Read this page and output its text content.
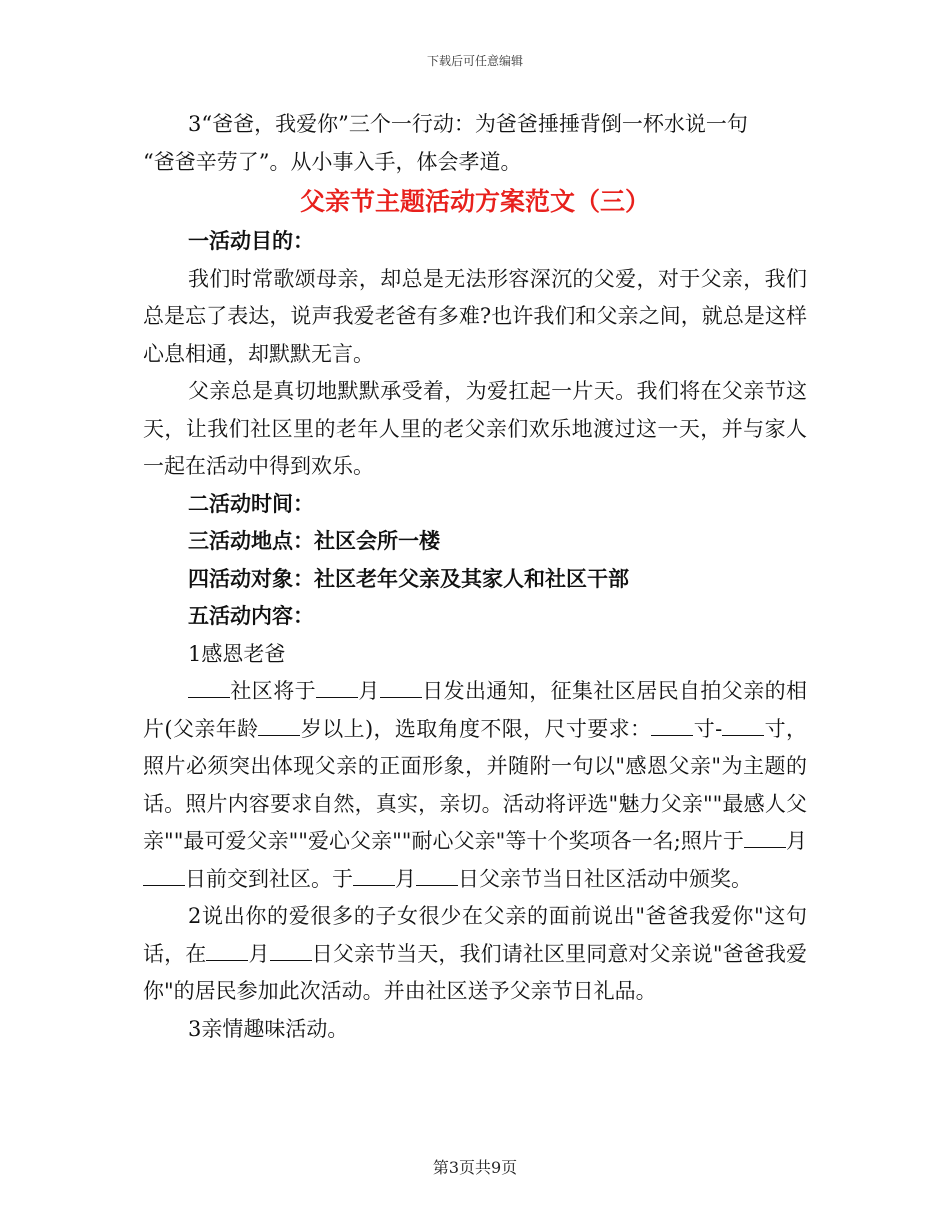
下载后可任意编辑

3“爸爸，我爱你”三个一行动：为爸爸捶捶背倒一杯水说一句

“爸爸辛劳了”。从小事入手，体会孝道。

父亲节主题活动方案范文（三）

一活动目的：

我们时常歌颂母亲，却总是无法形容深沉的父爱，对于父亲，我们总是忘了表达，说声我爱老爸有多难?也许我们和父亲之间，就总是这样心息相通，却默默无言。

父亲总是真切地默默承受着，为爱扛起一片天。我们将在父亲节这天，让我们社区里的老年人里的老父亲们欢乐地渡过这一天，并与家人一起在活动中得到欢乐。

二活动时间：

三活动地点：社区会所一楼

四活动对象：社区老年父亲及其家人和社区干部

五活动内容：

1感恩老爸

社区将于 月 日发出通知，征集社区居民自拍父亲的相片(父亲年龄 岁以上)，选取角度不限，尺寸要求： 寸- 寸，照片必须突出体现父亲的正面形象，并随附一句以"感恩父亲"为主题的话。照片内容要求自然，真实，亲切。活动将评选"魅力父亲""最感人父亲""最可爱父亲""爱心父亲""耐心父亲"等十个奖项各一名;照片于 月日前交到社区。于 月 日父亲节当日社区活动中颁奖。

2说出你的爱很多的子女很少在父亲的面前说出"爸爸我爱你"这句话，在 月 日父亲节当天，我们请社区里同意对父亲说"爸爸我爱你"的居民参加此次活动。并由社区送予父亲节日礼品。

3亲情趣味活动。

第3页共9页
